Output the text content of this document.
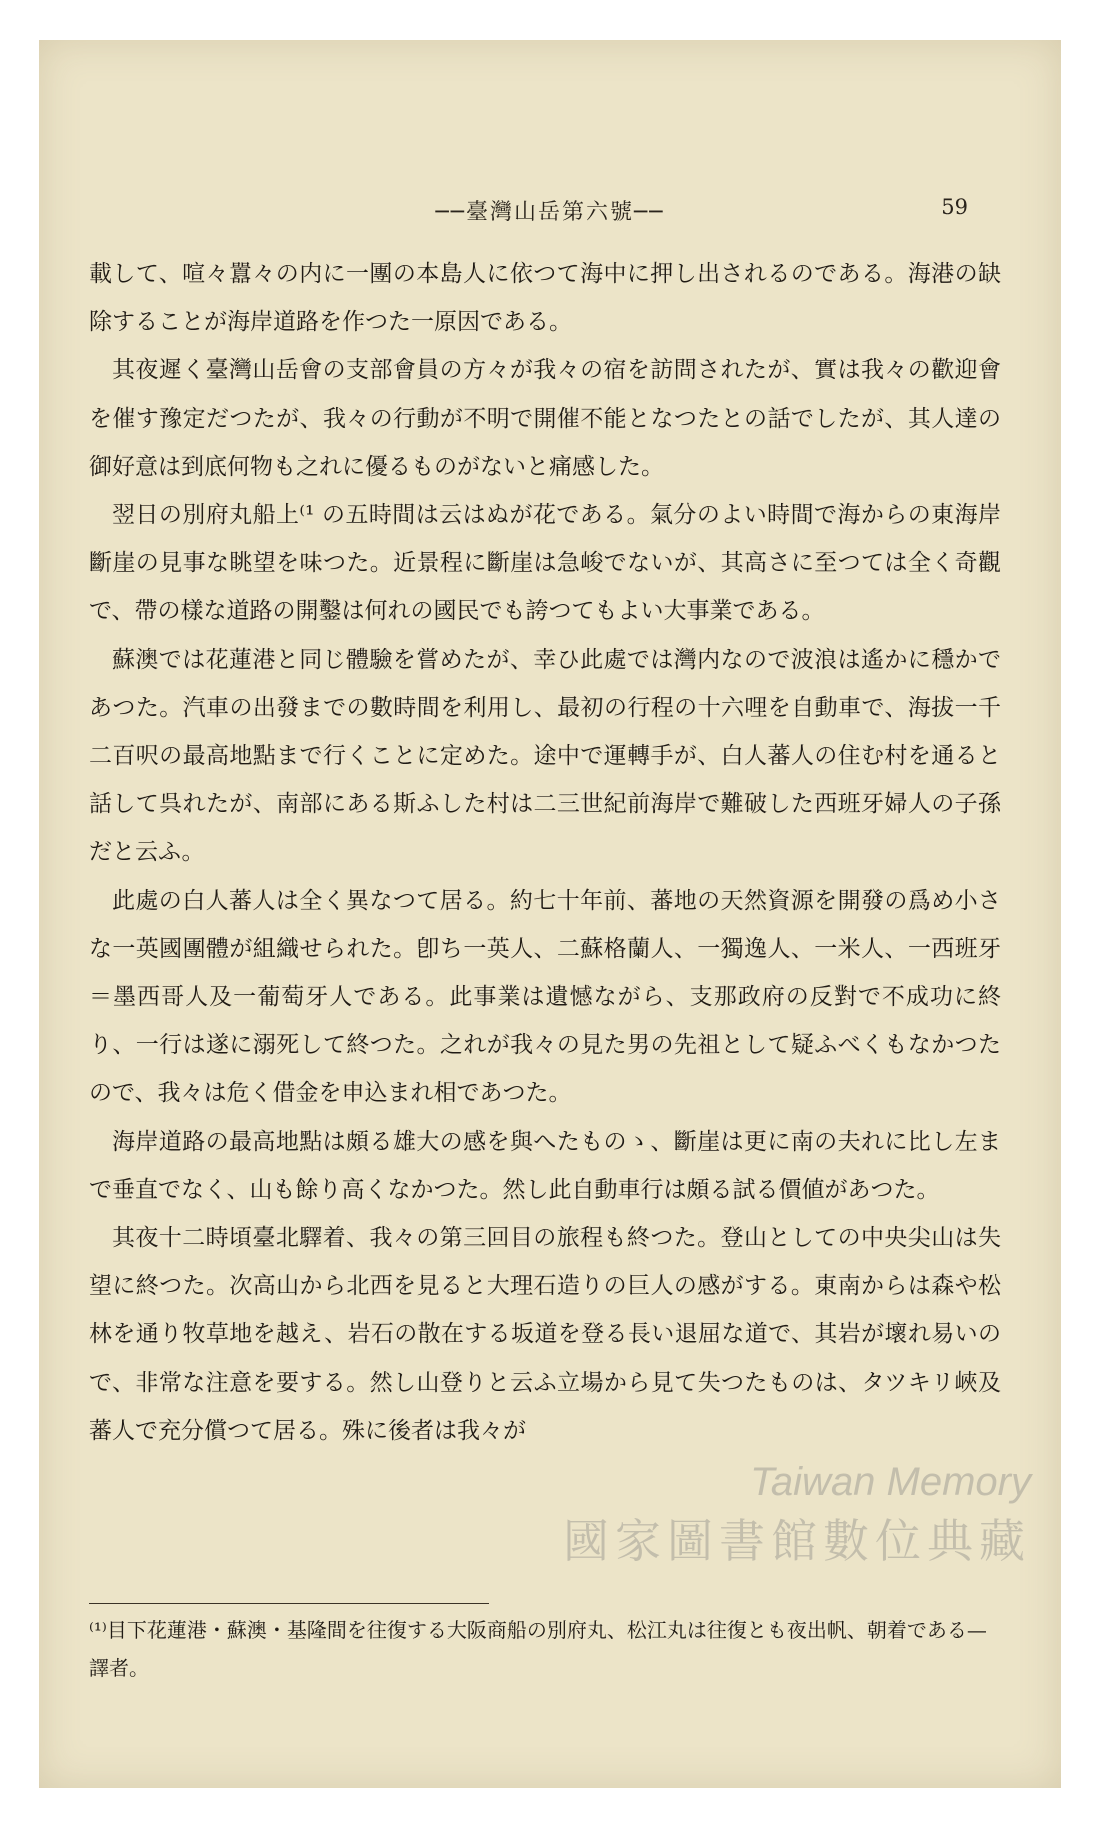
──臺灣山岳第六號──	59

載して、喧々囂々の内に一團の本島人に依つて海中に押し出されるのである。海港の缺除することが海岸道路を作つた一原因である。

其夜遲く臺灣山岳會の支部會員の方々が我々の宿を訪問されたが、實は我々の歡迎會を催す豫定だつたが、我々の行動が不明で開催不能となつたとの話でしたが、其人達の御好意は到底何物も之れに優るものがないと痛感した。

翌日の別府丸船上⁽¹ の五時間は云はぬが花である。氣分のよい時間で海からの東海岸斷崖の見事な眺望を味つた。近景程に斷崖は急峻でないが、其高さに至つては全く奇觀で、帶の樣な道路の開鑿は何れの國民でも誇つてもよい大事業である。

蘇澳では花蓮港と同じ體驗を嘗めたが、幸ひ此處では灣内なので波浪は遙かに穩かであつた。汽車の出發までの數時間を利用し、最初の行程の十六哩を自動車で、海拔一千二百呎の最高地點まで行くことに定めた。途中で運轉手が、白人蕃人の住む村を通ると話して呉れたが、南部にある斯ふした村は二三世紀前海岸で難破した西班牙婦人の子孫だと云ふ。

此處の白人蕃人は全く異なつて居る。約七十年前、蕃地の天然資源を開發の爲め小さな一英國團體が組織せられた。卽ち一英人、二蘇格蘭人、一獨逸人、一米人、一西班牙＝墨西哥人及一葡萄牙人である。此事業は遺憾ながら、支那政府の反對で不成功に終り、一行は遂に溺死して終つた。之れが我々の見た男の先祖として疑ふべくもなかつたので、我々は危く借金を申込まれ相であつた。

海岸道路の最高地點は頗る雄大の感を與へたものゝ、斷崖は更に南の夫れに比し左まで垂直でなく、山も餘り高くなかつた。然し此自動車行は頗る試る價値があつた。

其夜十二時頃臺北驛着、我々の第三回目の旅程も終つた。登山としての中央尖山は失望に終つた。次高山から北西を見ると大理石造りの巨人の感がする。東南からは森や松林を通り牧草地を越え、岩石の散在する坂道を登る長い退屈な道で、其岩が壞れ易いので、非常な注意を要する。然し山登りと云ふ立場から見て失つたものは、タツキリ峽及蕃人で充分償つて居る。殊に後者は我々が

⁽¹⁾目下花蓮港・蘇澳・基隆間を往復する大阪商船の別府丸、松江丸は往復とも夜出帆、朝着である—譯者。
Taiwan Memory
國家圖書館數位典藏
